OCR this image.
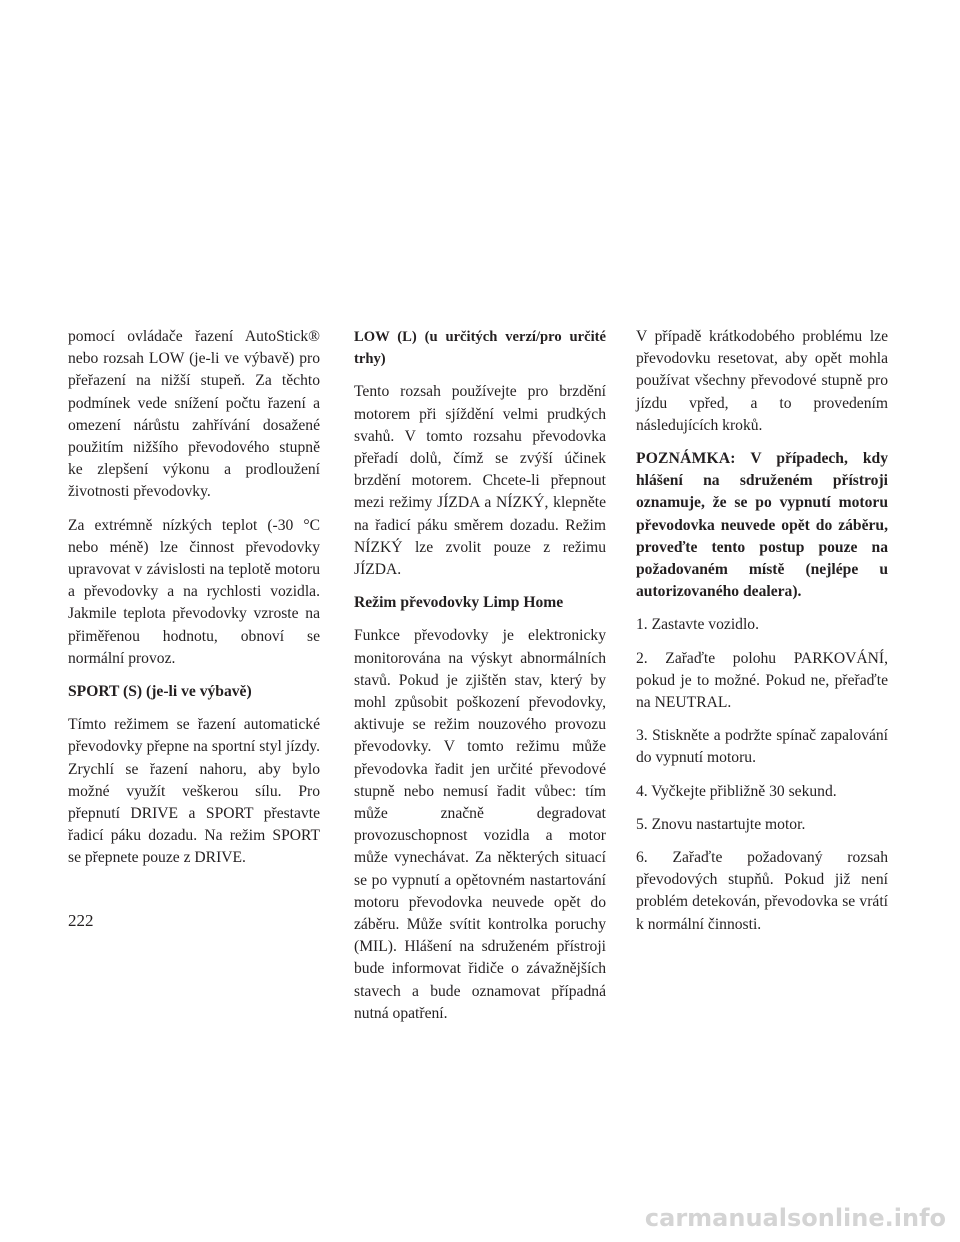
pomocí ovládače řazení AutoStick® nebo rozsah LOW (je-li ve výbavě) pro přeřazení na nižší stupeň. Za těchto podmínek vede snížení počtu řazení a omezení nárůstu zahřívání dosažené použitím nižšího převodového stupně ke zlepšení výkonu a prodloužení životnosti převodovky.

Za extrémně nízkých teplot (-30 °C nebo méně) lze činnost převodovky upravovat v závislosti na teplotě motoru a převodovky a na rychlosti vozidla. Jakmile teplota převodovky vzroste na přiměřenou hodnotu, obnoví se normální provoz.

SPORT (S) (je-li ve výbavě)

Tímto režimem se řazení automatické převodovky přepne na sportní styl jízdy. Zrychlí se řazení nahoru, aby bylo možné využít veškerou sílu. Pro přepnutí DRIVE a SPORT přestavte řadicí páku dozadu. Na režim SPORT se přepnete pouze z DRIVE.

LOW (L) (u určitých verzí/pro určité trhy)

Tento rozsah používejte pro brzdění motorem při sjíždění velmi prudkých svahů. V tomto rozsahu převodovka přeřadí dolů, čímž se zvýší účinek brzdění motorem. Chcete-li přepnout mezi režimy JÍZDA a NÍZKÝ, klepněte na řadicí páku směrem dozadu. Režim NÍZKÝ lze zvolit pouze z režimu JÍZDA.

Režim převodovky Limp Home

Funkce převodovky je elektronicky monitorována na výskyt abnormálních stavů. Pokud je zjištěn stav, který by mohl způsobit poškození převodovky, aktivuje se režim nouzového provozu převodovky. V tomto režimu může převodovka řadit jen určité převodové stupně nebo nemusí řadit vůbec: tím může značně degradovat provozuschopnost vozidla a motor může vynechávat. Za některých situací se po vypnutí a opětovném nastartování motoru převodovka neuvede opět do záběru. Může svítit kontrolka poruchy (MIL). Hlášení na sdruženém přístroji bude informovat řidiče o závažnějších stavech a bude oznamovat případná nutná opatření.

V případě krátkodobého problému lze převodovku resetovat, aby opět mohla používat všechny převodové stupně pro jízdu vpřed, a to provedením následujících kroků.

POZNÁMKA: V případech, kdy hlášení na sdruženém přístroji oznamuje, že se po vypnutí motoru převodovka neuvede opět do záběru, proveďte tento postup pouze na požadovaném místě (nejlépe u autorizovaného dealera).

1. Zastavte vozidlo.

2. Zařaďte polohu PARKOVÁNÍ, pokud je to možné. Pokud ne, přeřaďte na NEUTRAL.

3. Stiskněte a podržte spínač zapalování do vypnutí motoru.

4. Vyčkejte přibližně 30 sekund.

5. Znovu nastartujte motor.

6. Zařaďte požadovaný rozsah převodových stupňů. Pokud již není problém detekován, převodovka se vrátí k normální činnosti.

222
carmanualsonline.info
